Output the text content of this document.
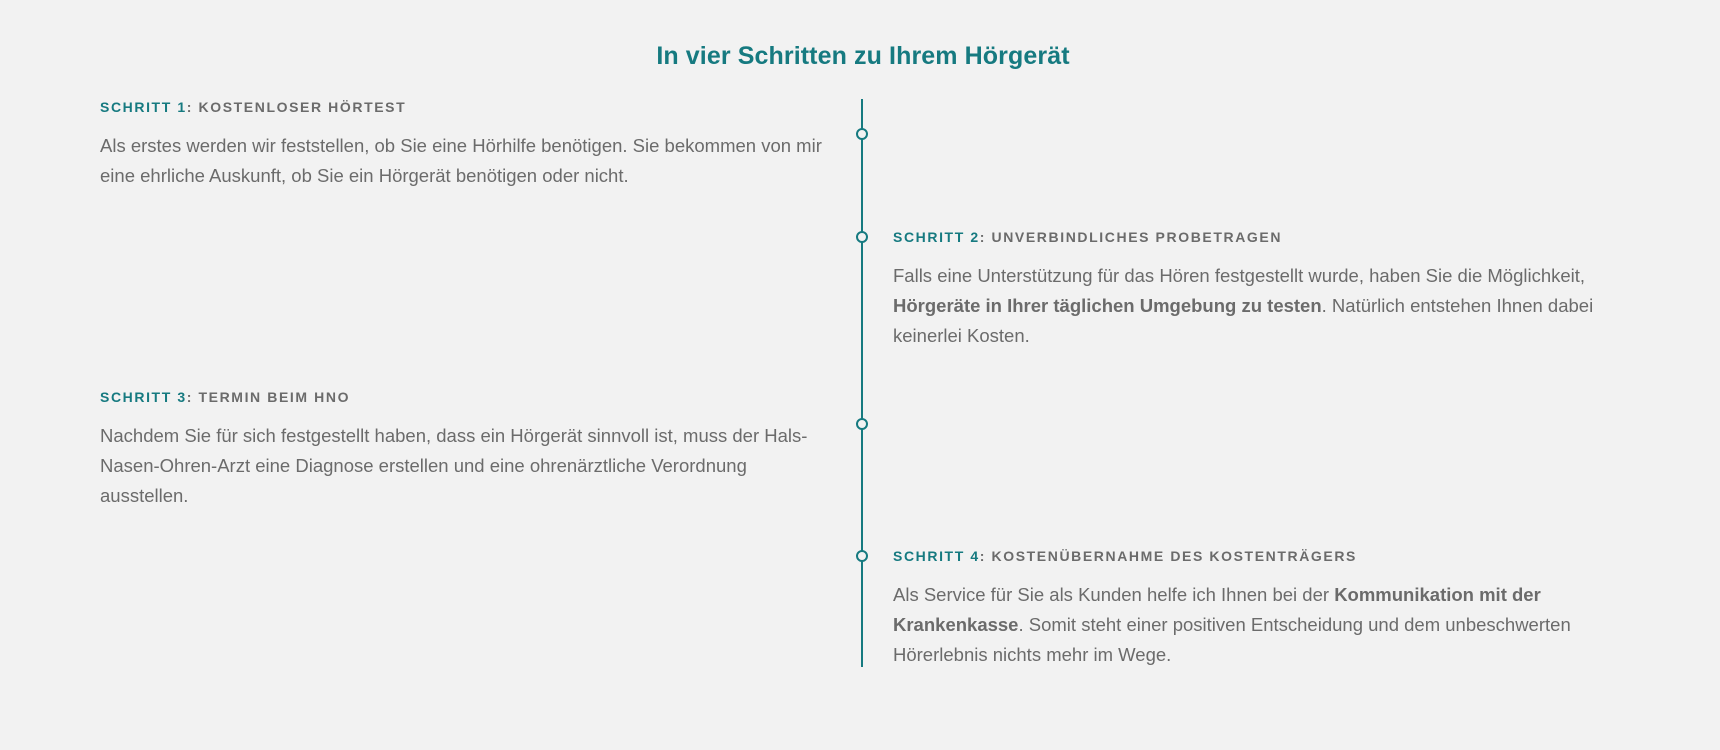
In vier Schritten zu Ihrem Hörgerät
SCHRITT 1: KOSTENLOSER HÖRTEST

Als erstes werden wir feststellen, ob Sie eine Hörhilfe benötigen. Sie bekommen von mir eine ehrliche Auskunft, ob Sie ein Hörgerät benötigen oder nicht.

SCHRITT 2: UNVERBINDLICHES PROBETRAGEN

Falls eine Unterstützung für das Hören festgestellt wurde, haben Sie die Möglichkeit, Hörgeräte in Ihrer täglichen Umgebung zu testen. Natürlich entstehen Ihnen dabei keinerlei Kosten.

SCHRITT 3: TERMIN BEIM HNO

Nachdem Sie für sich festgestellt haben, dass ein Hörgerät sinnvoll ist, muss der Hals-Nasen-Ohren-Arzt eine Diagnose erstellen und eine ohrenärztliche Verordnung ausstellen.

SCHRITT 4: KOSTENÜBERNAHME DES KOSTENTRÄGERS

Als Service für Sie als Kunden helfe ich Ihnen bei der Kommunikation mit der Krankenkasse. Somit steht einer positiven Entscheidung und dem unbeschwerten Hörerlebnis nichts mehr im Wege.
